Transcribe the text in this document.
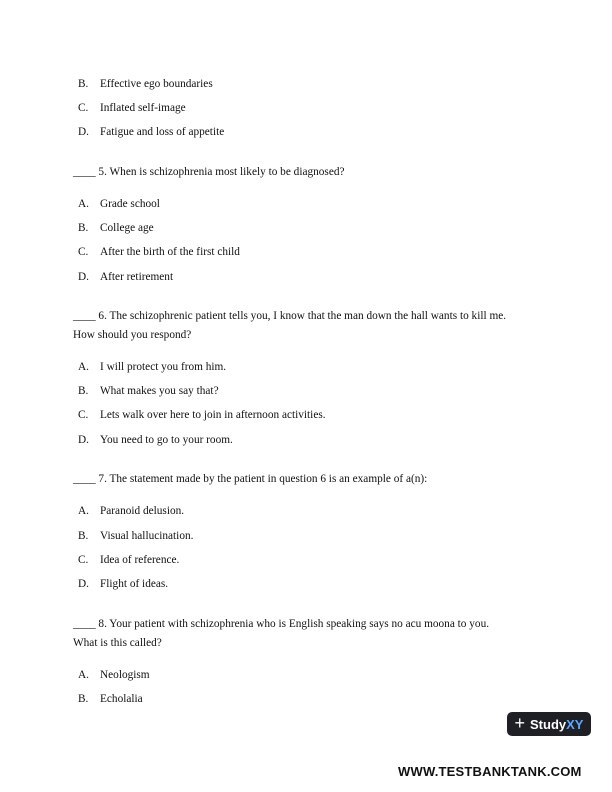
B. Effective ego boundaries
C. Inflated self-image
D. Fatigue and loss of appetite
____ 5. When is schizophrenia most likely to be diagnosed?
A. Grade school
B. College age
C. After the birth of the first child
D. After retirement
____ 6. The schizophrenic patient tells you, I know that the man down the hall wants to kill me.
How should you respond?
A. I will protect you from him.
B. What makes you say that?
C. Lets walk over here to join in afternoon activities.
D. You need to go to your room.
____ 7. The statement made by the patient in question 6 is an example of a(n):
A. Paranoid delusion.
B. Visual hallucination.
C. Idea of reference.
D. Flight of ideas.
____ 8. Your patient with schizophrenia who is English speaking says no acu moona to you.
What is this called?
A. Neologism
B. Echolalia
+ StudyXY
WWW.TESTBANKTANK.COM
